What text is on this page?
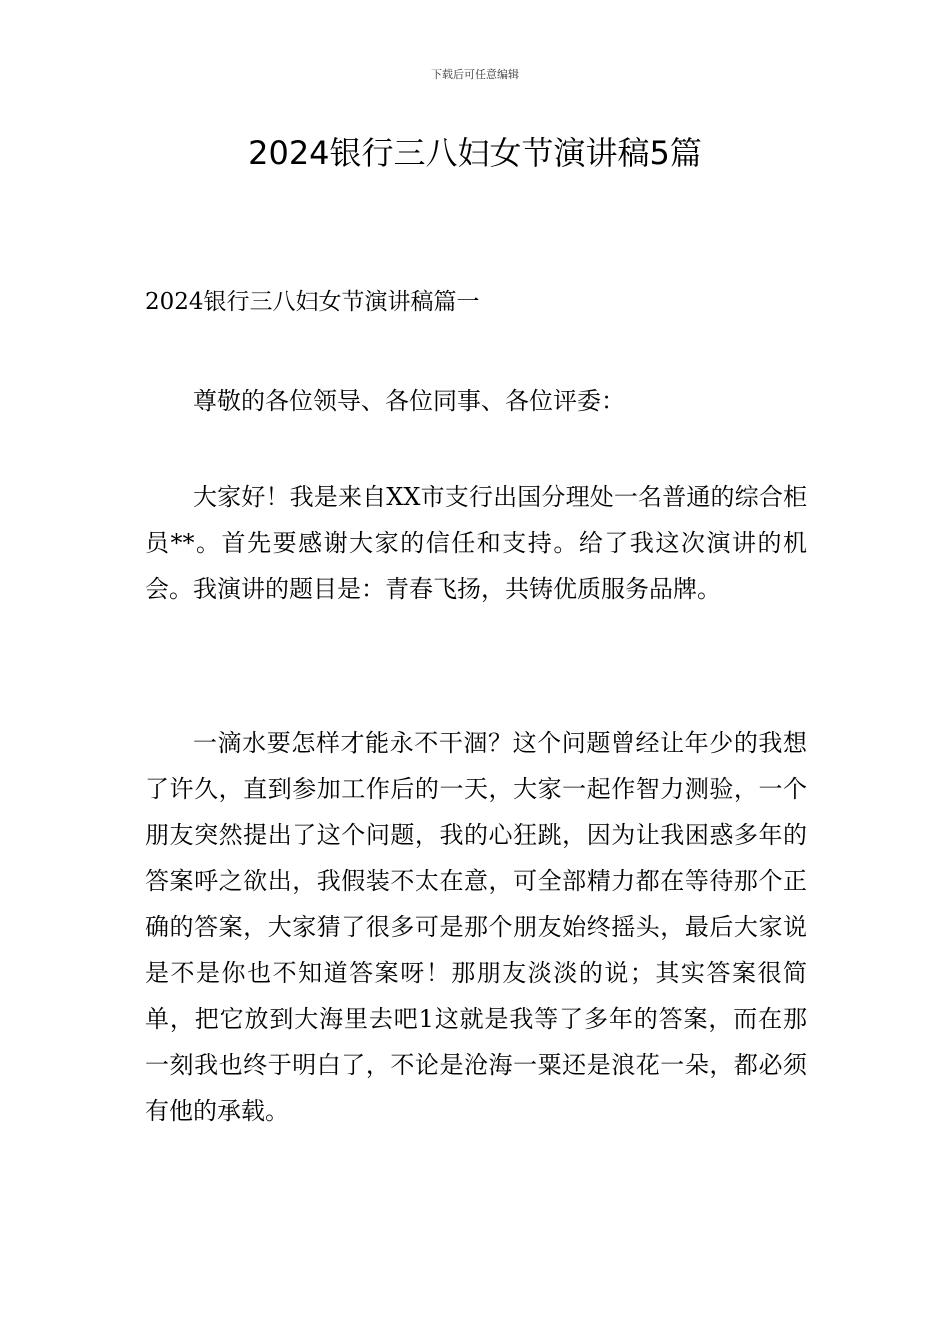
下载后可任意编辑
2024银行三八妇女节演讲稿5篇
2024银行三八妇女节演讲稿篇一

尊敬的各位领导、各位同事、各位评委：

大家好！我是来自XX市支行出国分理处一名普通的综合柜员**。首先要感谢大家的信任和支持。给了我这次演讲的机会。我演讲的题目是：青春飞扬，共铸优质服务品牌。

一滴水要怎样才能永不干涸？这个问题曾经让年少的我想了许久，直到参加工作后的一天，大家一起作智力测验，一个朋友突然提出了这个问题，我的心狂跳，因为让我困惑多年的答案呼之欲出，我假装不太在意，可全部精力都在等待那个正确的答案，大家猜了很多可是那个朋友始终摇头，最后大家说是不是你也不知道答案呀！那朋友淡淡的说；其实答案很简单，把它放到大海里去吧1这就是我等了多年的答案，而在那一刻我也终于明白了，不论是沧海一粟还是浪花一朵，都必须有他的承载。
